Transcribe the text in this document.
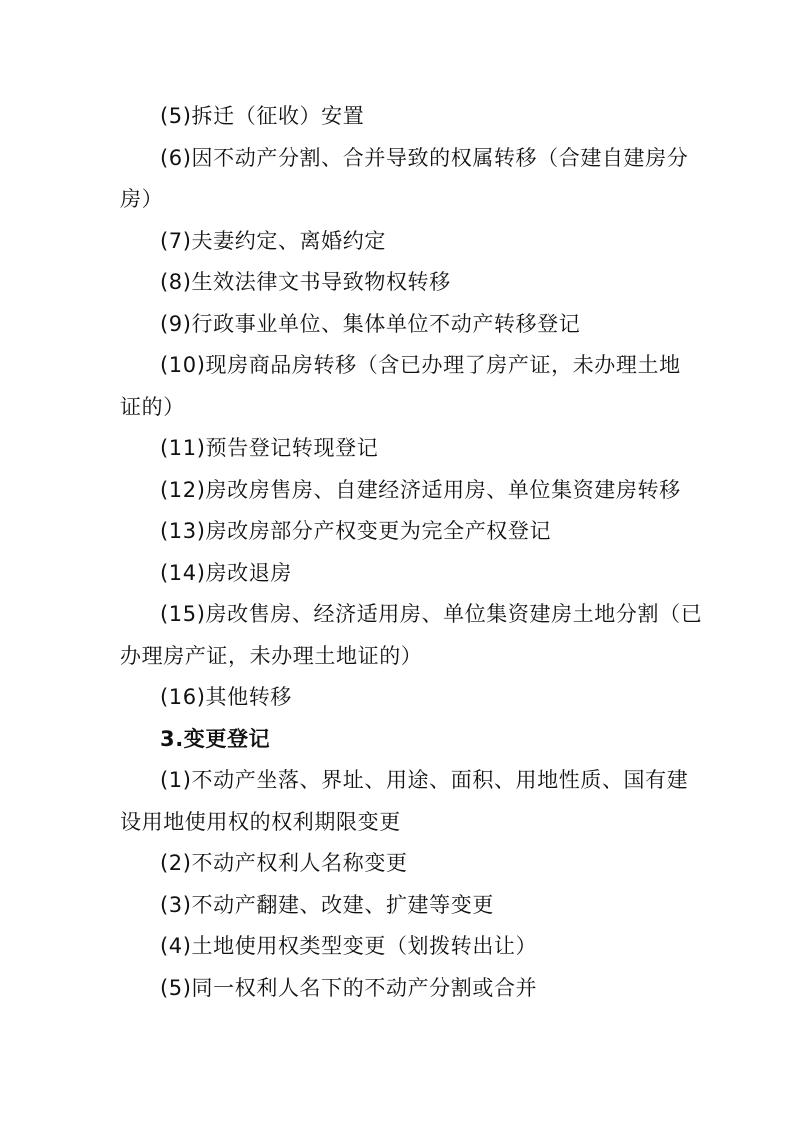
(5)拆迁（征收）安置
(6)因不动产分割、合并导致的权属转移（合建自建房分
房）
(7)夫妻约定、离婚约定
(8)生效法律文书导致物权转移
(9)行政事业单位、集体单位不动产转移登记
(10)现房商品房转移（含已办理了房产证，未办理土地
证的）
(11)预告登记转现登记
(12)房改房售房、自建经济适用房、单位集资建房转移
(13)房改房部分产权变更为完全产权登记
(14)房改退房
(15)房改售房、经济适用房、单位集资建房土地分割（已
办理房产证，未办理土地证的）
(16)其他转移
3.变更登记
(1)不动产坐落、界址、用途、面积、用地性质、国有建
设用地使用权的权利期限变更
(2)不动产权利人名称变更
(3)不动产翻建、改建、扩建等变更
(4)土地使用权类型变更（划拨转出让）
(5)同一权利人名下的不动产分割或合并
